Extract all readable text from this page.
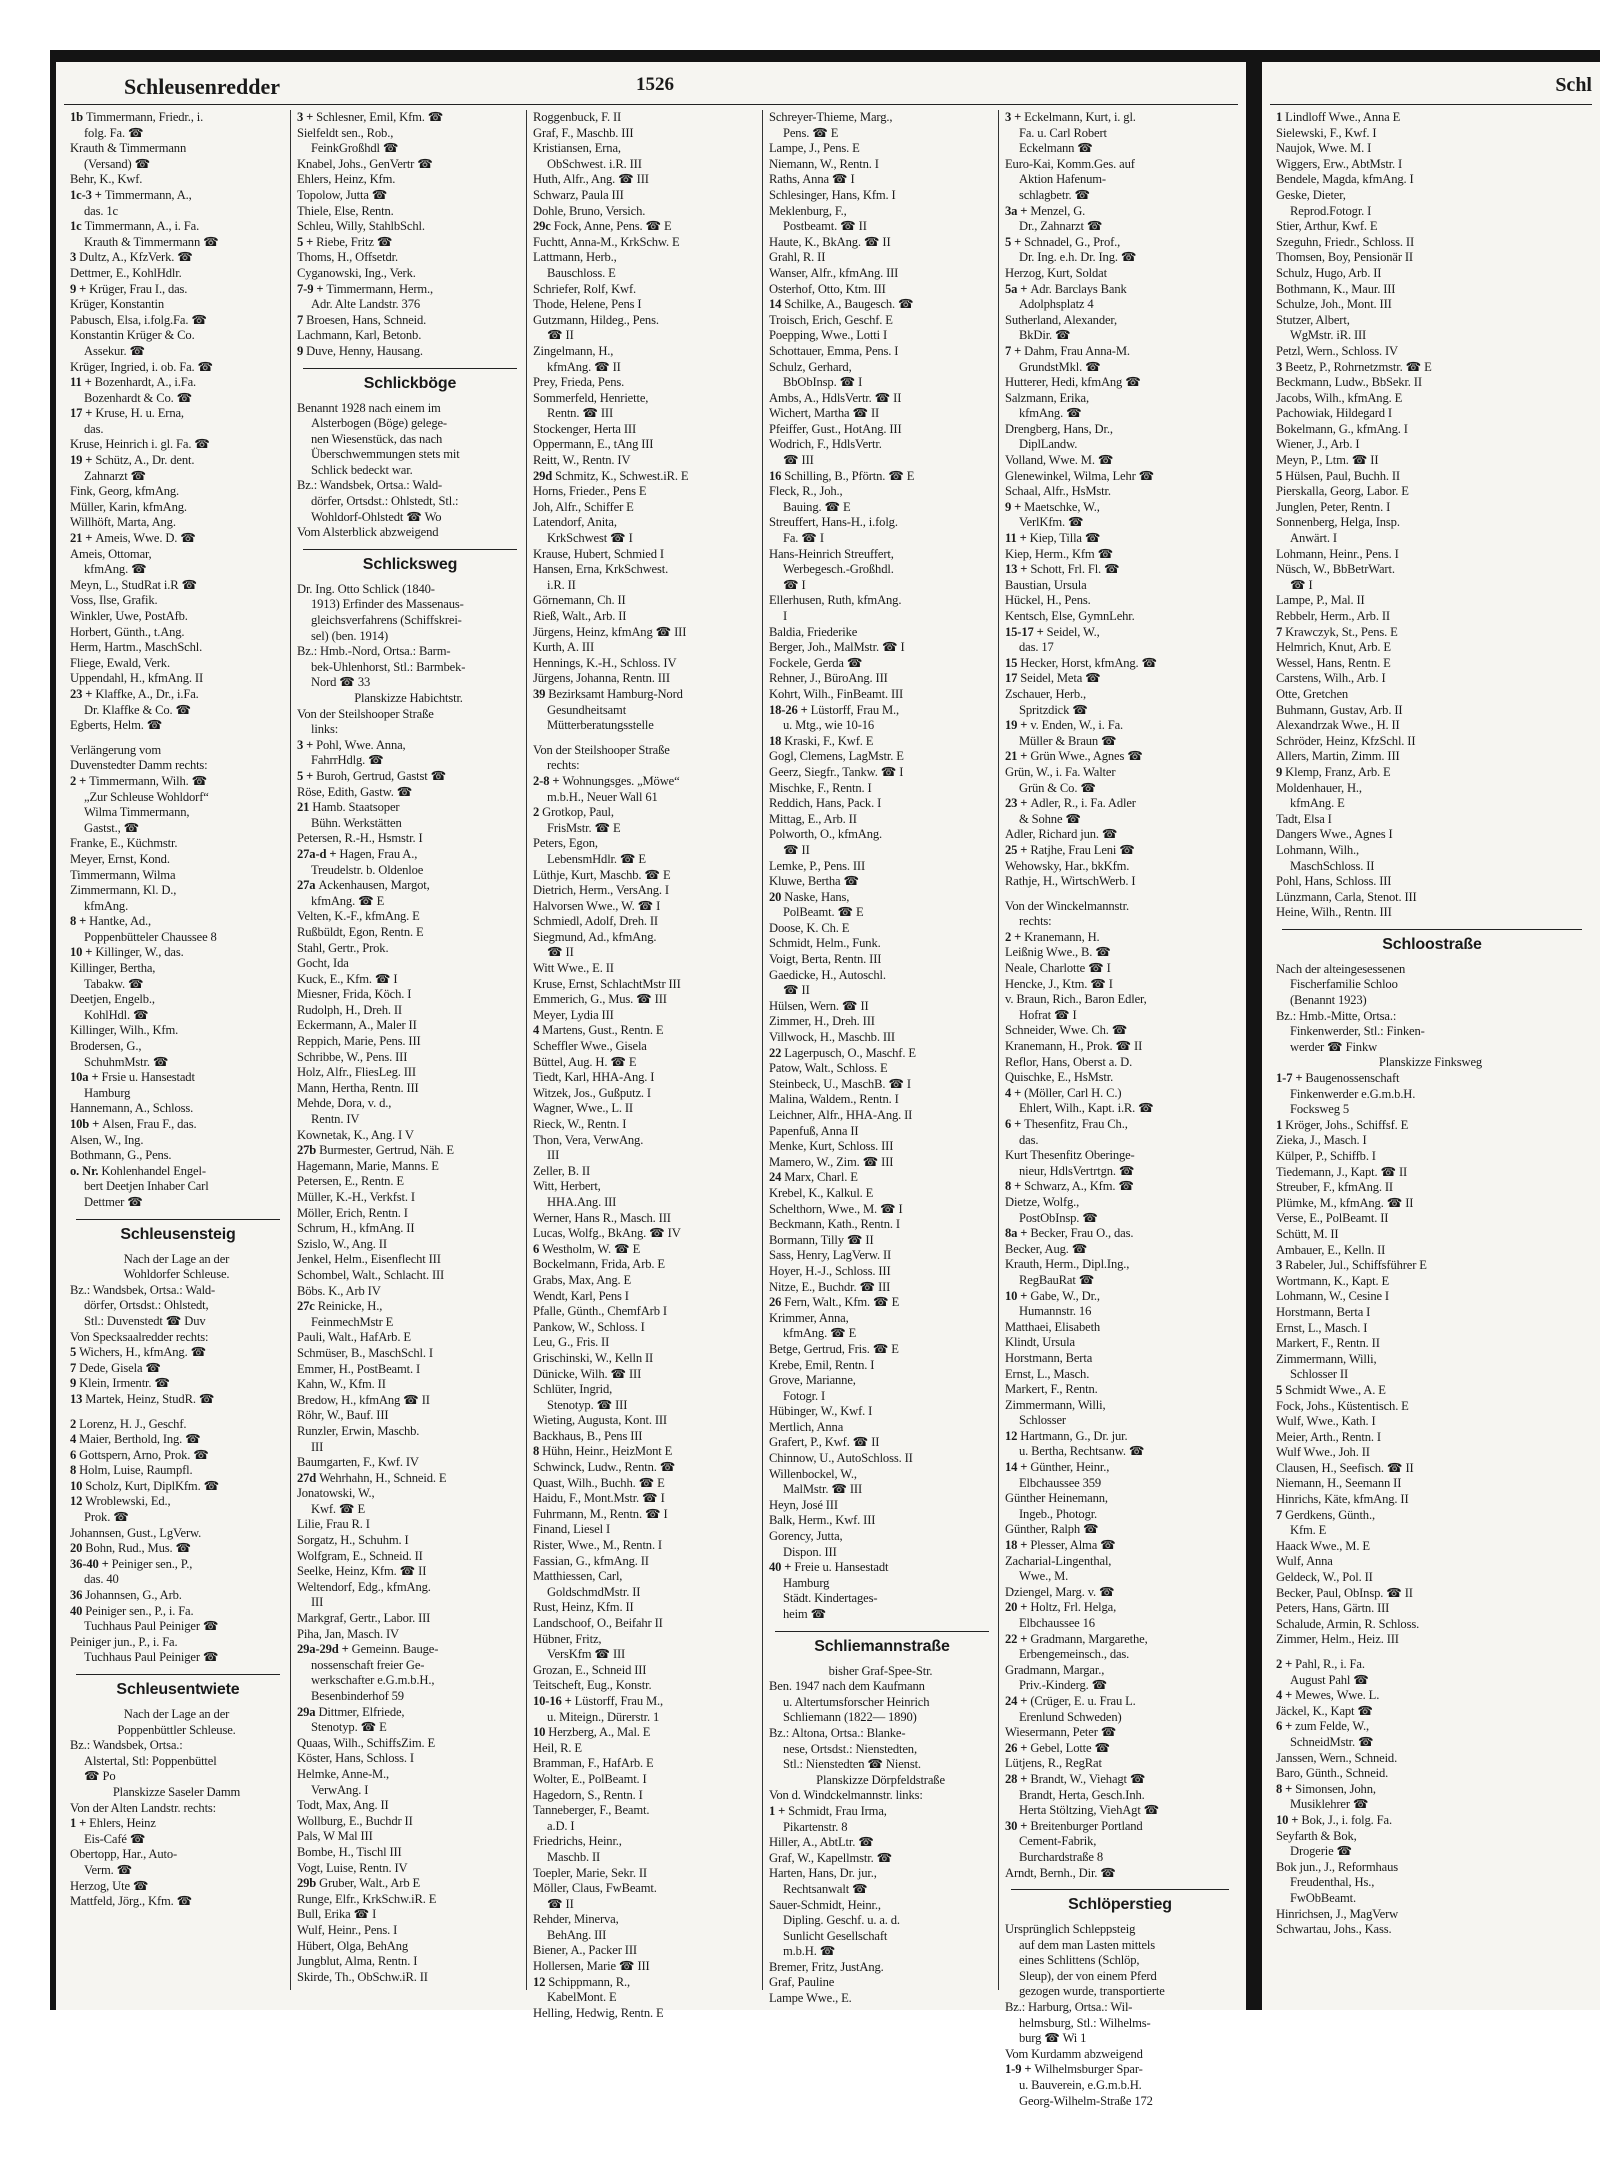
Schleusenredder	1526
1b Timmermann, Friedr., i.
folg. Fa. ☎
Krauth & Timmermann
(Versand) ☎
Behr, K., Kwf.
1c-3 + Timmermann, A.,
das. 1c
1c Timmermann, A., i. Fa.
Krauth & Timmermann ☎
3 Dultz, A., KfzVerk. ☎
Dettmer, E., KohlHdlr.
9 + Krüger, Frau I., das.
Krüger, Konstantin
Pabusch, Elsa, i.folg.Fa. ☎
Konstantin Krüger & Co.
Assekur. ☎
Krüger, Ingried, i. ob. Fa. ☎
11 + Bozenhardt, A., i.Fa.
Bozenhardt & Co. ☎
17 + Kruse, H. u. Erna,
das.
Kruse, Heinrich i. gl. Fa. ☎
19 + Schütz, A., Dr. dent.
Zahnarzt ☎
Fink, Georg, kfmAng.
Müller, Karin, kfmAng.
Willhöft, Marta, Ang.
21 + Ameis, Wwe. D. ☎
Ameis, Ottomar,
kfmAng. ☎
Meyn, L., StudRat i.R ☎
Voss, Ilse, Grafik.
Winkler, Uwe, PostAfb.
Horbert, Günth., t.Ang.
Herm, Hartm., MaschSchl.
Fliege, Ewald, Verk.
Uppendahl, H., kfmAng. II
23 + Klaffke, A., Dr., i.Fa.
Dr. Klaffke & Co. ☎
Egberts, Helm. ☎
Verlängerung vom
Duvenstedter Damm rechts:
2 + Timmermann, Wilh. ☎
„Zur Schleuse Wohldorf“
Wilma Timmermann,
Gastst., ☎
Franke, E., Küchmstr.
Meyer, Ernst, Kond.
Timmermann, Wilma
Zimmermann, Kl. D.,
kfmAng.
8 + Hantke, Ad.,
Poppenbütteler Chaussee 8
10 + Killinger, W., das.
Killinger, Bertha,
Tabakw. ☎
Deetjen, Engelb.,
KohlHdl. ☎
Killinger, Wilh., Kfm.
Brodersen, G.,
SchuhmMstr. ☎
10a + Frsie u. Hansestadt
Hamburg
Hannemann, A., Schloss.
10b + Alsen, Frau F., das.
Alsen, W., Ing.
Bothmann, G., Pens.
o. Nr. Kohlenhandel Engel-
bert Deetjen Inhaber Carl
Dettmer ☎
Schleusensteig
Nach der Lage an der
Wohldorfer Schleuse.
Bz.: Wandsbek, Ortsa.: Wald-
dörfer, Ortsdst.: Ohlstedt,
Stl.: Duvenstedt ☎ Duv
Von Specksaalredder rechts:
5 Wichers, H., kfmAng. ☎
7 Dede, Gisela ☎
9 Klein, Irmentr. ☎
13 Martek, Heinz, StudR. ☎
2 Lorenz, H. J., Geschf.
4 Maier, Berthold, Ing. ☎
6 Gottspern, Arno, Prok. ☎
8 Holm, Luise, Raumpfl.
10 Scholz, Kurt, DiplKfm. ☎
12 Wroblewski, Ed.,
Prok. ☎
Johannsen, Gust., LgVerw.
20 Bohn, Rud., Mus. ☎
36-40 + Peiniger sen., P.,
das. 40
36 Johannsen, G., Arb.
40 Peiniger sen., P., i. Fa.
Tuchhaus Paul Peiniger ☎
Peiniger jun., P., i. Fa.
Tuchhaus Paul Peiniger ☎
Schleusentwiete
Nach der Lage an der
Poppenbüttler Schleuse.
Bz.: Wandsbek, Ortsa.:
Alstertal, Stl: Poppenbüttel
☎ Po
Planskizze Saseler Damm
Von der Alten Landstr. rechts:
1 + Ehlers, Heinz
Eis-Café ☎
Obertopp, Har., Auto-
Verm. ☎
Herzog, Ute ☎
Mattfeld, Jörg., Kfm. ☎
3 + Schlesner, Emil, Kfm. ☎
Sielfeldt sen., Rob.,
FeinkGroßhdl ☎
Knabel, Johs., GenVertr ☎
Ehlers, Heinz, Kfm.
Topolow, Jutta ☎
Thiele, Else, Rentn.
Schleu, Willy, StahlbSchl.
5 + Riebe, Fritz ☎
Thoms, H., Offsetdr.
Cyganowski, Ing., Verk.
7-9 + Timmermann, Herm.,
Adr. Alte Landstr. 376
7 Broesen, Hans, Schneid.
Lachmann, Karl, Betonb.
9 Duve, Henny, Hausang.
Schlickböge
Benannt 1928 nach einem im
Alsterbogen (Böge) gelege-
nen Wiesenstück, das nach
Überschwemmungen stets mit
Schlick bedeckt war.
Bz.: Wandsbek, Ortsa.: Wald-
dörfer, Ortsdst.: Ohlstedt, Stl.:
Wohldorf-Ohlstedt ☎ Wo
Vom Alsterblick abzweigend
Schlicksweg
Dr. Ing. Otto Schlick (1840-
1913) Erfinder des Massenaus-
gleichsverfahrens (Schiffskrei-
sel) (ben. 1914)
Bz.: Hmb.-Nord, Ortsa.: Barm-
bek-Uhlenhorst, Stl.: Barmbek-
Nord ☎ 33
Planskizze Habichtstr.
Von der Steilshooper Straße
links:
3 + Pohl, Wwe. Anna,
FahrrHdlg. ☎
5 + Buroh, Gertrud, Gastst ☎
Röse, Edith, Gastw. ☎
21 Hamb. Staatsoper
Bühn. Werkstätten
Petersen, R.-H., Hsmstr. I
27a-d + Hagen, Frau A.,
Treudelstr. b. Oldenloe
27a Ackenhausen, Margot,
kfmAng. ☎ E
Velten, K.-F., kfmAng. E
Rußbüldt, Egon, Rentn. E
Stahl, Gertr., Prok.
Gocht, Ida
Kuck, E., Kfm. ☎ I
Miesner, Frida, Köch. I
Rudolph, H., Dreh. II
Eckermann, A., Maler II
Reppich, Marie, Pens. III
Schribbe, W., Pens. III
Holz, Alfr., FliesLeg. III
Mann, Hertha, Rentn. III
Mehde, Dora, v. d.,
Rentn. IV
Kownetak, K., Ang. I V
27b Burmester, Gertrud, Näh. E
Hagemann, Marie, Manns. E
Petersen, E., Rentn. E
Müller, K.-H., Verkfst. I
Möller, Erich, Rentn. I
Schrum, H., kfmAng. II
Szislo, W., Ang. II
Jenkel, Helm., Eisenflecht III
Schombel, Walt., Schlacht. III
Böbs. K., Arb IV
27c Reinicke, H.,
FeinmechMstr E
Pauli, Walt., HafArb. E
Schmüser, B., MaschSchl. I
Emmer, H., PostBeamt. I
Kahn, W., Kfm. II
Bredow, H., kfmAng ☎ II
Röhr, W., Bauf. III
Runzler, Erwin, Maschb.
III
Baumgarten, F., Kwf. IV
27d Wehrhahn, H., Schneid. E
Jonatowski, W.,
Kwf. ☎ E
Lilie, Frau R. I
Sorgatz, H., Schuhm. I
Wolfgram, E., Schneid. II
Seelke, Heinz, Kfm. ☎ II
Weltendorf, Edg., kfmAng.
III
Markgraf, Gertr., Labor. III
Piha, Jan, Masch. IV
29a-29d + Gemeinn. Bauge-
nossenschaft freier Ge-
werkschafter e.G.m.b.H.,
Besenbinderhof 59
29a Dittmer, Elfriede,
Stenotyp. ☎ E
Quaas, Wilh., SchiffsZim. E
Köster, Hans, Schloss. I
Helmke, Anne-M.,
VerwAng. I
Todt, Max, Ang. II
Wollburg, E., Buchdr II
Pals, W Mal III
Bombe, H., Tischl III
Vogt, Luise, Rentn. IV
29b Gruber, Walt., Arb E
Runge, Elfr., KrkSchw.iR. E
Bull, Erika ☎ I
Wulf, Heinr., Pens. I
Hübert, Olga, BehAng
Jungblut, Alma, Rentn. I
Skirde, Th., ObSchw.iR. II
Roggenbuck, F. II
Graf, F., Maschb. III
Kristiansen, Erna,
ObSchwest. i.R. III
Huth, Alfr., Ang. ☎ III
Schwarz, Paula III
Dohle, Bruno, Versich.
29c Fock, Anne, Pens. ☎ E
Fuchtt, Anna-M., KrkSchw. E
Lattmann, Herb.,
Bauschloss. E
Schriefer, Rolf, Kwf.
Thode, Helene, Pens I
Gutzmann, Hildeg., Pens.
☎ II
Zingelmann, H.,
kfmAng. ☎ II
Prey, Frieda, Pens.
Sommerfeld, Henriette,
Rentn. ☎ III
Stockenger, Herta III
Oppermann, E., tAng III
Reitt, W., Rentn. IV
29d Schmitz, K., Schwest.iR. E
Horns, Frieder., Pens E
Joh, Alfr., Schiffer E
Latendorf, Anita,
KrkSchwest ☎ I
Krause, Hubert, Schmied I
Hansen, Erna, KrkSchwest.
i.R. II
Görnemann, Ch. II
Rieß, Walt., Arb. II
Jürgens, Heinz, kfmAng ☎ III
Kurth, A. III
Hennings, K.-H., Schloss. IV
Jürgens, Johanna, Rentn. III
39 Bezirksamt Hamburg-Nord
Gesundheitsamt
Mütterberatungsstelle
Von der Steilshooper Straße
rechts:
2-8 + Wohnungsges. „Möwe“
m.b.H., Neuer Wall 61
2 Grotkop, Paul,
FrisMstr. ☎ E
Peters, Egon,
LebensmHdlr. ☎ E
Lüthje, Kurt, Maschb. ☎ E
Dietrich, Herm., VersAng. I
Halvorsen Wwe., W. ☎ I
Schmiedl, Adolf, Dreh. II
Siegmund, Ad., kfmAng.
☎ II
Witt Wwe., E. II
Kruse, Ernst, SchlachtMstr III
Emmerich, G., Mus. ☎ III
Meyer, Lydia III
4 Martens, Gust., Rentn. E
Scheffler Wwe., Gisela
Büttel, Aug. H. ☎ E
Tiedt, Karl, HHA-Ang. I
Witzek, Jos., Gußputz. I
Wagner, Wwe., L. II
Rieck, W., Rentn. I
Thon, Vera, VerwAng.
III
Zeller, B. II
Witt, Herbert,
HHA.Ang. III
Werner, Hans R., Masch. III
Lucas, Wolfg., BkAng. ☎ IV
6 Westholm, W. ☎ E
Bockelmann, Frida, Arb. E
Grabs, Max, Ang. E
Wendt, Karl, Pens I
Pfalle, Günth., ChemfArb I
Pankow, W., Schloss. I
Leu, G., Fris. II
Grischinski, W., Kelln II
Dünicke, Wilh. ☎ III
Schlüter, Ingrid,
Stenotyp. ☎ III
Wieting, Augusta, Kont. III
Backhaus, B., Pens III
8 Hühn, Heinr., HeizMont E
Schwinck, Ludw., Rentn. ☎
Quast, Wilh., Buchh. ☎ E
Haidu, F., Mont.Mstr. ☎ I
Fuhrmann, M., Rentn. ☎ I
Finand, Liesel I
Rister, Wwe., M., Rentn. I
Fassian, G., kfmAng. II
Matthiessen, Carl,
GoldschmdMstr. II
Rust, Heinz, Kfm. II
Landschoof, O., Beifahr II
Hübner, Fritz,
VersKfm ☎ III
Grozan, E., Schneid III
Teitscheft, Eug., Konstr.
10-16 + Lüstorff, Frau M.,
u. Miteign., Dürerstr. 1
10 Herzberg, A., Mal. E
Heil, R. E
Bramman, F., HafArb. E
Wolter, E., PolBeamt. I
Hagedorn, S., Rentn. I
Tanneberger, F., Beamt.
a.D. I
Friedrichs, Heinr.,
Maschb. II
Toepler, Marie, Sekr. II
Möller, Claus, FwBeamt.
☎ II
Rehder, Minerva,
BehAng. III
Biener, A., Packer III
Hollersen, Marie ☎ III
12 Schippmann, R.,
KabelMont. E
Helling, Hedwig, Rentn. E
Schreyer-Thieme, Marg.,
Pens. ☎ E
Lampe, J., Pens. E
Niemann, W., Rentn. I
Raths, Anna ☎ I
Schlesinger, Hans, Kfm. I
Meklenburg, F.,
Postbeamt. ☎ II
Haute, K., BkAng. ☎ II
Grahl, R. II
Wanser, Alfr., kfmAng. III
Osterhof, Otto, Ktm. III
14 Schilke, A., Baugesch. ☎
Troisch, Erich, Geschf. E
Poepping, Wwe., Lotti I
Schottauer, Emma, Pens. I
Schulz, Gerhard,
BbObInsp. ☎ I
Ambs, A., HdlsVertr. ☎ II
Wichert, Martha ☎ II
Pfeiffer, Gust., HotAng. III
Wodrich, F., HdlsVertr.
☎ III
16 Schilling, B., Pförtn. ☎ E
Fleck, R., Joh.,
Bauing. ☎ E
Streuffert, Hans-H., i.folg.
Fa. ☎ I
Hans-Heinrich Streuffert,
Werbegesch.-Großhdl.
☎ I
Ellerhusen, Ruth, kfmAng.
I
Baldia, Friederike
Berger, Joh., MalMstr. ☎ I
Fockele, Gerda ☎
Rehner, J., BüroAng. III
Kohrt, Wilh., FinBeamt. III
18-26 + Lüstorff, Frau M.,
u. Mtg., wie 10-16
18 Kraski, F., Kwf. E
Gogl, Clemens, LagMstr. E
Geerz, Siegfr., Tankw. ☎ I
Mischke, F., Rentn. I
Reddich, Hans, Pack. I
Mittag, E., Arb. II
Polworth, O., kfmAng.
☎ II
Lemke, P., Pens. III
Kluwe, Bertha ☎
20 Naske, Hans,
PolBeamt. ☎ E
Doose, K. Ch. E
Schmidt, Helm., Funk.
Voigt, Berta, Rentn. III
Gaedicke, H., Autoschl.
☎ II
Hülsen, Wern. ☎ II
Zimmer, H., Dreh. III
Villwock, H., Maschb. III
22 Lagerpusch, O., Maschf. E
Patow, Walt., Schloss. E
Steinbeck, U., MaschB. ☎ I
Malina, Waldem., Rentn. I
Leichner, Alfr., HHA-Ang. II
Papenfuß, Anna II
Menke, Kurt, Schloss. III
Mamero, W., Zim. ☎ III
24 Marx, Charl. E
Krebel, K., Kalkul. E
Schelthorn, Wwe., M. ☎ I
Beckmann, Kath., Rentn. I
Bormann, Tilly ☎ II
Sass, Henry, LagVerw. II
Hoyer, H.-J., Schloss. III
Nitze, E., Buchdr. ☎ III
26 Fern, Walt., Kfm. ☎ E
Krimmer, Anna,
kfmAng. ☎ E
Betge, Gertrud, Fris. ☎ E
Krebe, Emil, Rentn. I
Grove, Marianne,
Fotogr. I
Hübinger, W., Kwf. I
Mertlich, Anna
Grafert, P., Kwf. ☎ II
Chinnow, U., AutoSchloss. II
Willenbockel, W.,
MalMstr. ☎ III
Heyn, José III
Balk, Herm., Kwf. III
Gorency, Jutta,
Dispon. III
40 + Freie u. Hansestadt
Hamburg
Städt. Kindertages-
heim ☎
Schliemannstraße
bisher Graf-Spee-Str.
Ben. 1947 nach dem Kaufmann
u. Altertumsforscher Heinrich
Schliemann (1822— 1890)
Bz.: Altona, Ortsa.: Blanke-
nese, Ortsdst.: Nienstedten,
Stl.: Nienstedten ☎ Nienst.
Planskizze Dörpfeldstraße
Von d. Windckelmannstr. links:
1 + Schmidt, Frau Irma,
Pikartenstr. 8
Hiller, A., AbtLtr. ☎
Graf, W., Kapellmstr. ☎
Harten, Hans, Dr. jur.,
Rechtsanwalt ☎
Sauer-Schmidt, Heinr.,
Dipling. Geschf. u. a. d.
Sunlicht Gesellschaft
m.b.H. ☎
Bremer, Fritz, JustAng.
Graf, Pauline
Lampe Wwe., E.
3 + Eckelmann, Kurt, i. gl.
Fa. u. Carl Robert
Eckelmann ☎
Euro-Kai, Komm.Ges. auf
Aktion Hafenum-
schlagbetr. ☎
3a + Menzel, G.
Dr., Zahnarzt ☎
5 + Schnadel, G., Prof.,
Dr. Ing. e.h. Dr. Ing. ☎
Herzog, Kurt, Soldat
5a + Adr. Barclays Bank
Adolphsplatz 4
Sutherland, Alexander,
BkDir. ☎
7 + Dahm, Frau Anna-M.
GrundstMkl. ☎
Hutterer, Hedi, kfmAng ☎
Salzmann, Erika,
kfmAng. ☎
Drengberg, Hans, Dr.,
DiplLandw.
Volland, Wwe. M. ☎
Glenewinkel, Wilma, Lehr ☎
Schaal, Alfr., HsMstr.
9 + Maetschke, W.,
VerlKfm. ☎
11 + Kiep, Tilla ☎
Kiep, Herm., Kfm ☎
13 + Schott, Frl. Fl. ☎
Baustian, Ursula
Hückel, H., Pens.
Kentsch, Else, GymnLehr.
15-17 + Seidel, W.,
das. 17
15 Hecker, Horst, kfmAng. ☎
17 Seidel, Meta ☎
Zschauer, Herb.,
Spritzdick ☎
19 + v. Enden, W., i. Fa.
Müller & Braun ☎
21 + Grün Wwe., Agnes ☎
Grün, W., i. Fa. Walter
Grün & Co. ☎
23 + Adler, R., i. Fa. Adler
& Sohne ☎
Adler, Richard jun. ☎
25 + Ratjhe, Frau Leni ☎
Wehowsky, Har., bkKfm.
Rathje, H., WirtschWerb. I
Von der Winckelmannstr.
rechts:
2 + Kranemann, H.
Leißnig Wwe., B. ☎
Neale, Charlotte ☎ I
Hencke, J., Ktm. ☎ I
v. Braun, Rich., Baron Edler,
Hofrat ☎ I
Schneider, Wwe. Ch. ☎
Kranemann, H., Prok. ☎ II
Reflor, Hans, Oberst a. D.
Quischke, E., HsMstr.
4 + (Möller, Carl H. C.)
Ehlert, Wilh., Kapt. i.R. ☎
6 + Thesenfitz, Frau Ch.,
das.
Kurt Thesenfitz Oberinge-
nieur, HdlsVertrtgn. ☎
8 + Schwarz, A., Kfm. ☎
Dietze, Wolfg.,
PostObInsp. ☎
8a + Becker, Frau O., das.
Becker, Aug. ☎
Krauth, Herm., Dipl.Ing.,
RegBauRat ☎
10 + Gabe, W., Dr.,
Humannstr. 16
Matthaei, Elisabeth
Klindt, Ursula
Horstmann, Berta
Ernst, L., Masch.
Markert, F., Rentn.
Zimmermann, Willi,
Schlosser
12 Hartmann, G., Dr. jur.
u. Bertha, Rechtsanw. ☎
14 + Günther, Heinr.,
Elbchaussee 359
Günther Heinemann,
Ingeb., Photogr.
Günther, Ralph ☎
18 + Plesser, Alma ☎
Zacharial-Lingenthal,
Wwe., M.
Dziengel, Marg. v. ☎
20 + Holtz, Frl. Helga,
Elbchaussee 16
22 + Gradmann, Margarethe,
Erbengemeinsch., das.
Gradmann, Margar.,
Priv.-Kinderg. ☎
24 + (Crüger, E. u. Frau L.
Erenlund Schweden)
Wiesermann, Peter ☎
26 + Gebel, Lotte ☎
Lütjens, R., RegRat
28 + Brandt, W., Viehagt ☎
Brandt, Herta, Gesch.Inh.
Herta Stöltzing, ViehAgt ☎
30 + Breitenburger Portland
Cement-Fabrik,
Burchardstraße 8
Arndt, Bernh., Dir. ☎
Schlöperstieg
Ursprünglich Schleppsteig
auf dem man Lasten mittels
eines Schlittens (Schlöp,
Sleup), der von einem Pferd
gezogen wurde, transportierte
Bz.: Harburg, Ortsa.: Wil-
helmsburg, Stl.: Wilhelms-
burg ☎ Wi 1
Vom Kurdamm abzweigend
1-9 + Wilhelmsburger Spar-
u. Bauverein, e.G.m.b.H.
Georg-Wilhelm-Straße 172
Schl
1 Lindloff Wwe., Anna E
Sielewski, F., Kwf. I
Naujok, Wwe. M. I
Wiggers, Erw., AbtMstr. I
Bendele, Magda, kfmAng. I
Geske, Dieter,
Reprod.Fotogr. I
Stier, Arthur, Kwf. E
Szeguhn, Friedr., Schloss. II
Thomsen, Boy, Pensionär II
Schulz, Hugo, Arb. II
Bothmann, K., Maur. III
Schulze, Joh., Mont. III
Stutzer, Albert,
WgMstr. iR. III
Petzl, Wern., Schloss. IV
3 Beetz, P., Rohrnetzmstr. ☎ E
Beckmann, Ludw., BbSekr. II
Jacobs, Wilh., kfmAng. E
Pachowiak, Hildegard I
Bokelmann, G., kfmAng. I
Wiener, J., Arb. I
Meyn, P., Ltm. ☎ II
5 Hülsen, Paul, Buchh. II
Pierskalla, Georg, Labor. E
Junglen, Peter, Rentn. I
Sonnenberg, Helga, Insp.
Anwärt. I
Lohmann, Heinr., Pens. I
Nüsch, W., BbBetrWart.
☎ I
Lampe, P., Mal. II
Rebbelr, Herm., Arb. II
7 Krawczyk, St., Pens. E
Helmrich, Knut, Arb. E
Wessel, Hans, Rentn. E
Carstens, Wilh., Arb. I
Otte, Gretchen
Buhmann, Gustav, Arb. II
Alexandrzak Wwe., H. II
Schröder, Heinz, KfzSchl. II
Allers, Martin, Zimm. III
9 Klemp, Franz, Arb. E
Moldenhauer, H.,
kfmAng. E
Tadt, Elsa I
Dangers Wwe., Agnes I
Lohmann, Wilh.,
MaschSchloss. II
Pohl, Hans, Schloss. III
Lünzmann, Carla, Stenot. III
Heine, Wilh., Rentn. III
Schloostraße
Nach der alteingesessenen
Fischerfamilie Schloo
(Benannt 1923)
Bz.: Hmb.-Mitte, Ortsa.:
Finkenwerder, Stl.: Finken-
werder ☎ Finkw
Planskizze Finksweg
1-7 + Baugenossenschaft
Finkenwerder e.G.m.b.H.
Focksweg 5
1 Kröger, Johs., Schiffsf. E
Zieka, J., Masch. I
Külper, P., Schiffb. I
Tiedemann, J., Kapt. ☎ II
Streuber, F., kfmAng. II
Plümke, M., kfmAng. ☎ II
Verse, E., PolBeamt. II
Schütt, M. II
Ambauer, E., Kelln. II
3 Rabeler, Jul., Schiffsführer E
Wortmann, K., Kapt. E
Lohmann, W., Cesine I
Horstmann, Berta I
Ernst, L., Masch. I
Markert, F., Rentn. II
Zimmermann, Willi,
Schlosser II
5 Schmidt Wwe., A. E
Fock, Johs., Küstentisch. E
Wulf, Wwe., Kath. I
Meier, Arth., Rentn. I
Wulf Wwe., Joh. II
Clausen, H., Seefisch. ☎ II
Niemann, H., Seemann II
Hinrichs, Käte, kfmAng. II
7 Gerdkens, Günth.,
Kfm. E
Haack Wwe., M. E
Wulf, Anna
Geldeck, W., Pol. II
Becker, Paul, ObInsp. ☎ II
Peters, Hans, Gärtn. III
Schalude, Armin, R. Schloss.
Zimmer, Helm., Heiz. III
2 + Pahl, R., i. Fa.
August Pahl ☎
4 + Mewes, Wwe. L.
Jäckel, K., Kapt ☎
6 + zum Felde, W.,
SchneidMstr. ☎
Janssen, Wern., Schneid.
Baro, Günth., Schneid.
8 + Simonsen, John,
Musiklehrer ☎
10 + Bok, J., i. folg. Fa.
Seyfarth & Bok,
Drogerie ☎
Bok jun., J., Reformhaus
Freudenthal, Hs.,
FwObBeamt.
Hinrichsen, J., MagVerw
Schwartau, Johs., Kass.
